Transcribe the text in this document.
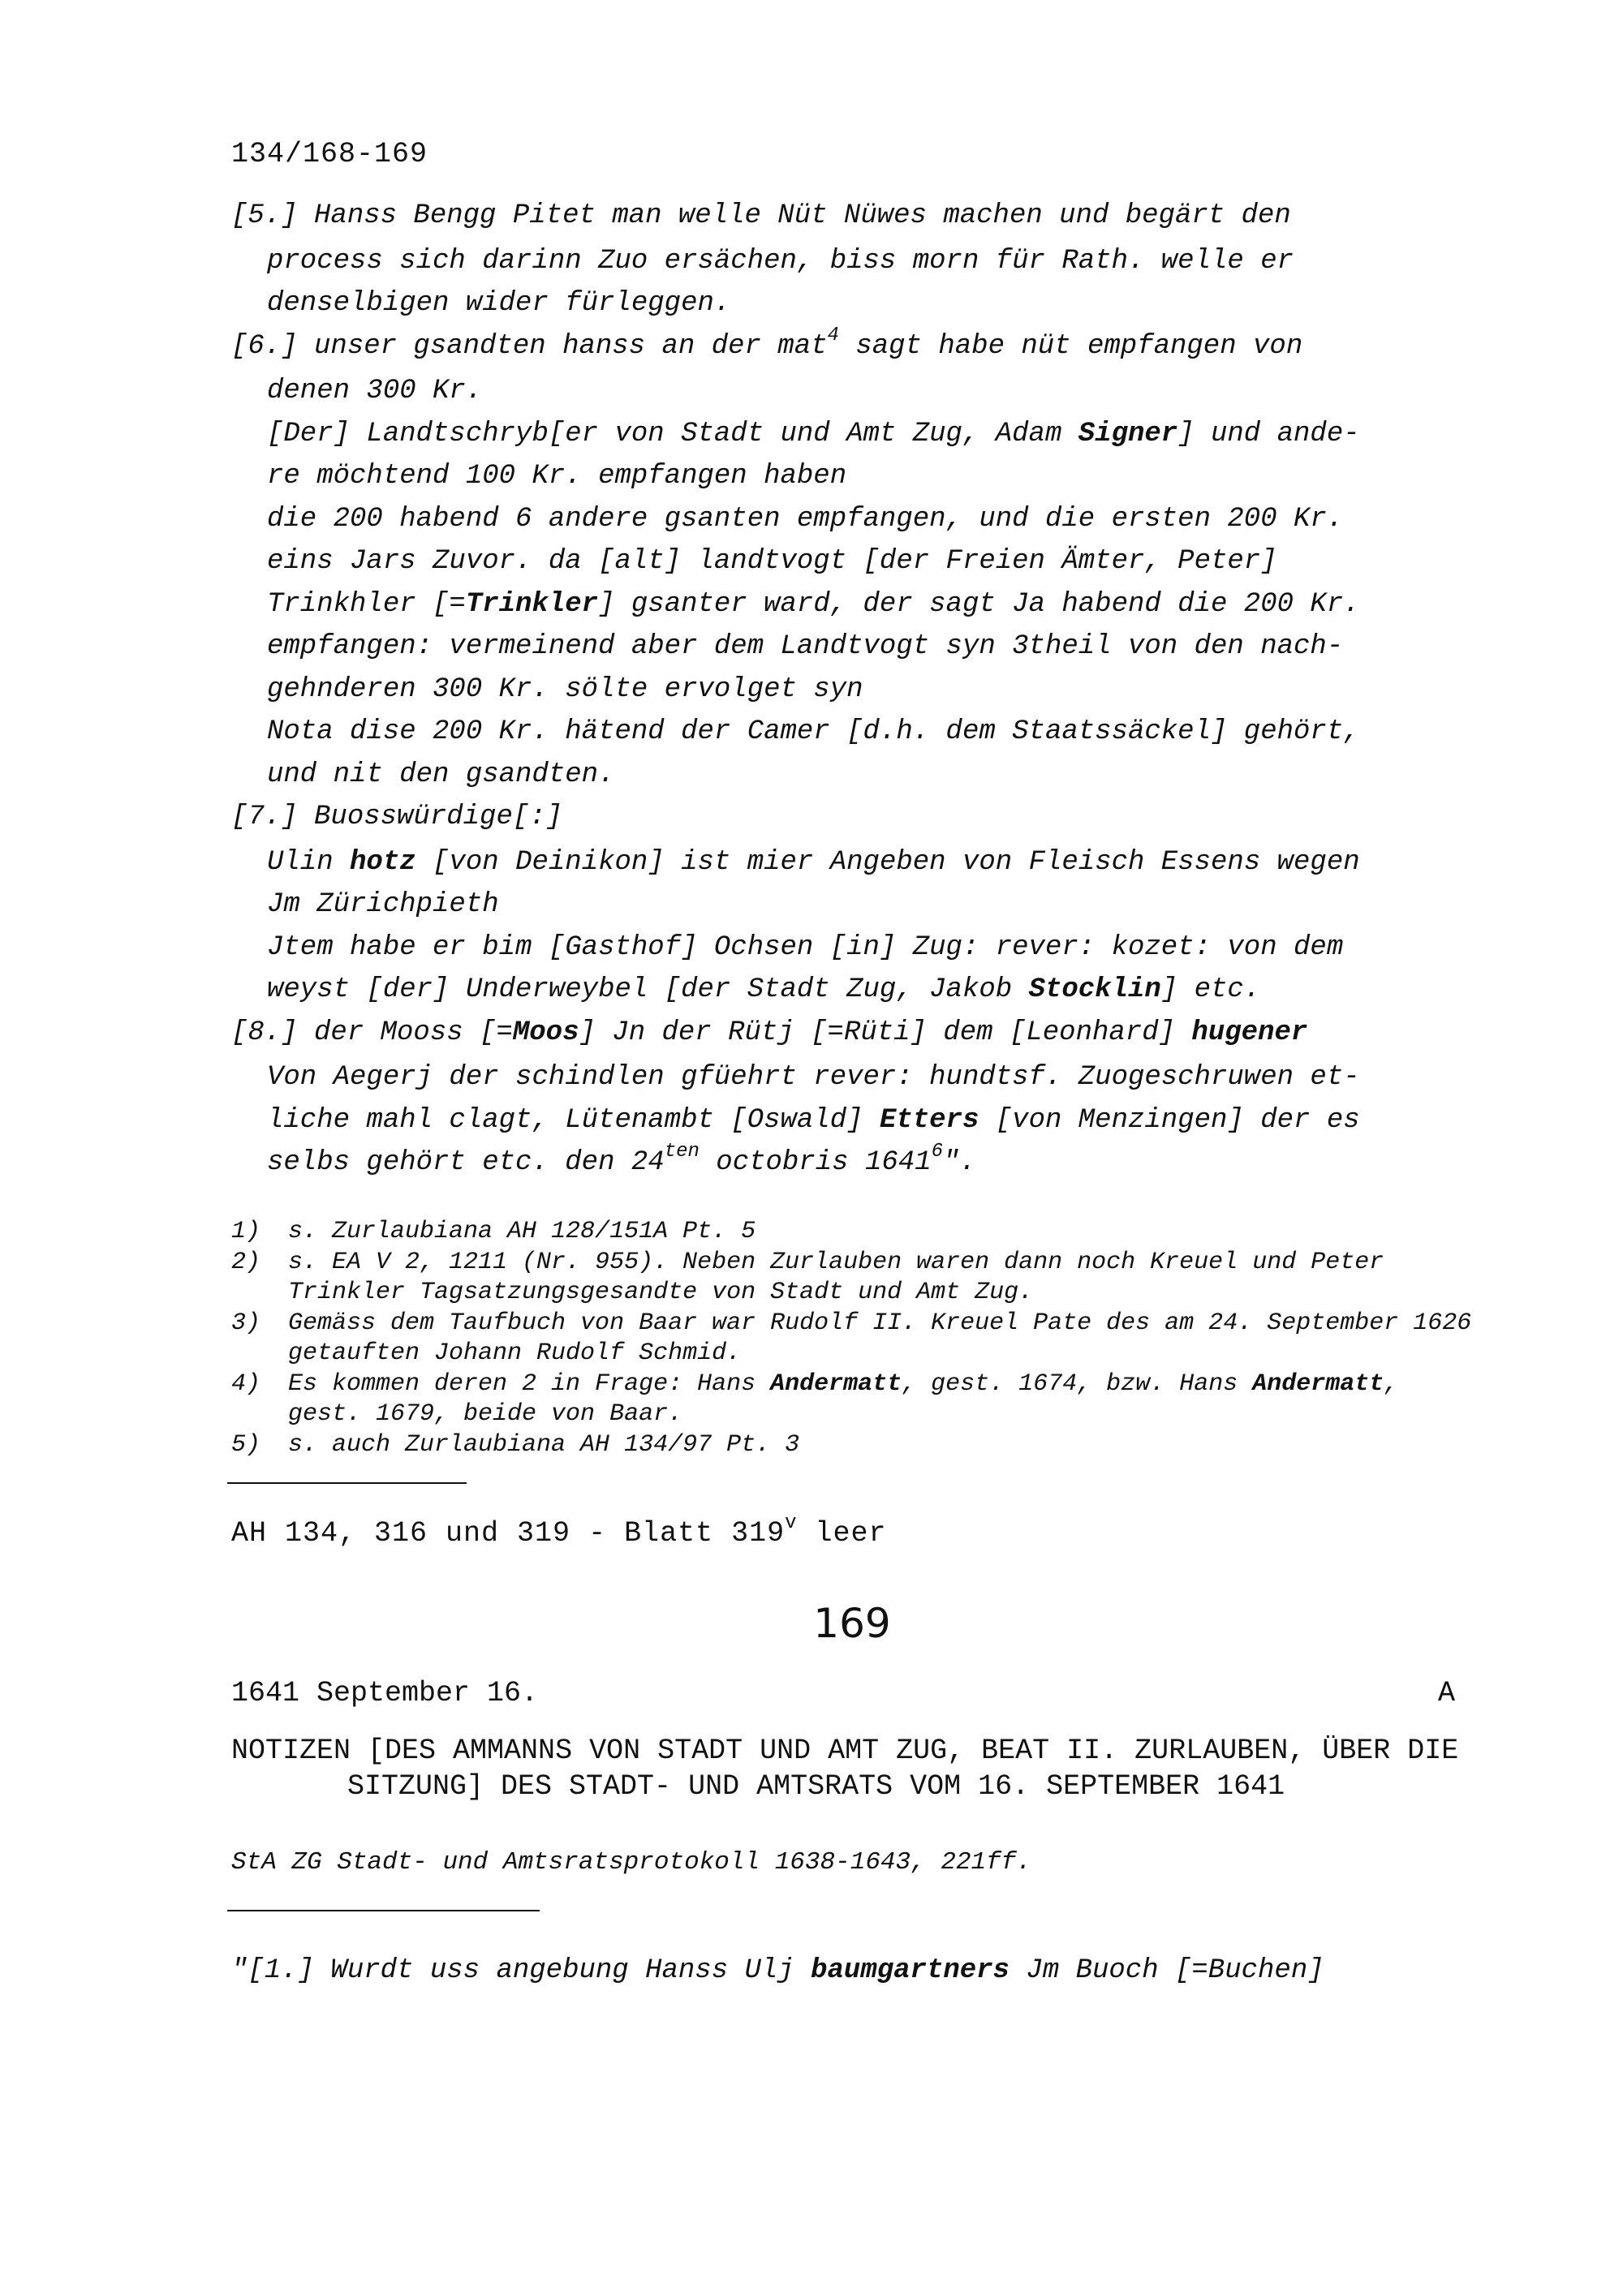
134/168-169
[5.] Hanss Bengg Pitet man welle Nüt Nüwes machen und begärt den
process sich darinn Zuo ersächen, biss morn für Rath. welle er
denselbigen wider fürleggen.
[6.] unser gsandten hanss an der mat$^4$ sagt habe nüt empfangen von
denen 300 Kr.
[Der] Landtschryb[er von Stadt und Amt Zug, Adam Signer] und ande-
re möchtend 100 Kr. empfangen haben
die 200 habend 6 andere gsanten empfangen, und die ersten 200 Kr.
eins Jars Zuvor. da [alt] landtvogt [der Freien Ämter, Peter]
Trinkhler [=Trinkler] gsanter ward, der sagt Ja habend die 200 Kr.
empfangen: vermeinend aber dem Landtvogt syn 3theil von den nach-
gehnderen 300 Kr. sölte ervolget syn
Nota dise 200 Kr. hätend der Camer [d.h. dem Staatssäckel] gehört,
und nit den gsandten.
[7.] Buosswürdige[:]
Ulin hotz [von Deinikon] ist mier Angeben von Fleisch Essens wegen
Jm Zürichpieth
Jtem habe er bim [Gasthof] Ochsen [in] Zug: rever: kozet: von dem
weyst [der] Underweybel [der Stadt Zug, Jakob Stocklin] etc.
[8.] der Mooss [=Moos] Jn der Rütj [=Rüti] dem [Leonhard] hugener
Von Aegerj der schindlen gfüehrt rever: hundtsf. Zuogeschruwen et-
liche mahl clagt, Lütenambt [Oswald] Etters [von Menzingen] der es
selbs gehört etc. den $24^{ten}$ octobris 1641$^6$".
1) s. Zurlaubiana AH 128/151A Pt. 5
2) s. EA V 2, 1211 (Nr. 955). Neben Zurlauben waren dann noch Kreuel und Peter Trinkler Tagsatzungsgesandte von Stadt und Amt Zug.
3) Gemäss dem Taufbuch von Baar war Rudolf II. Kreuel Pate des am 24. September 1626 getauften Johann Rudolf Schmid.
4) Es kommen deren 2 in Frage: Hans Andermatt, gest. 1674, bzw. Hans Andermatt, gest. 1679, beide von Baar.
5) s. auch Zurlaubiana AH 134/97 Pt. 3
AH 134, 316 und 319 - Blatt 319$^v$ leer
169
1641 September 16.	A
NOTIZEN [DES AMMANNS VON STADT UND AMT ZUG, BEAT II. ZURLAUBEN, ÜBER DIE SITZUNG] DES STADT- UND AMTSRATS VOM 16. SEPTEMBER 1641
StA ZG Stadt- und Amtsratsprotokoll 1638-1643, 221ff.
"[1.] Wurdt uss angebung Hanss Ulj baumgartners Jm Buoch [=Buchen]
